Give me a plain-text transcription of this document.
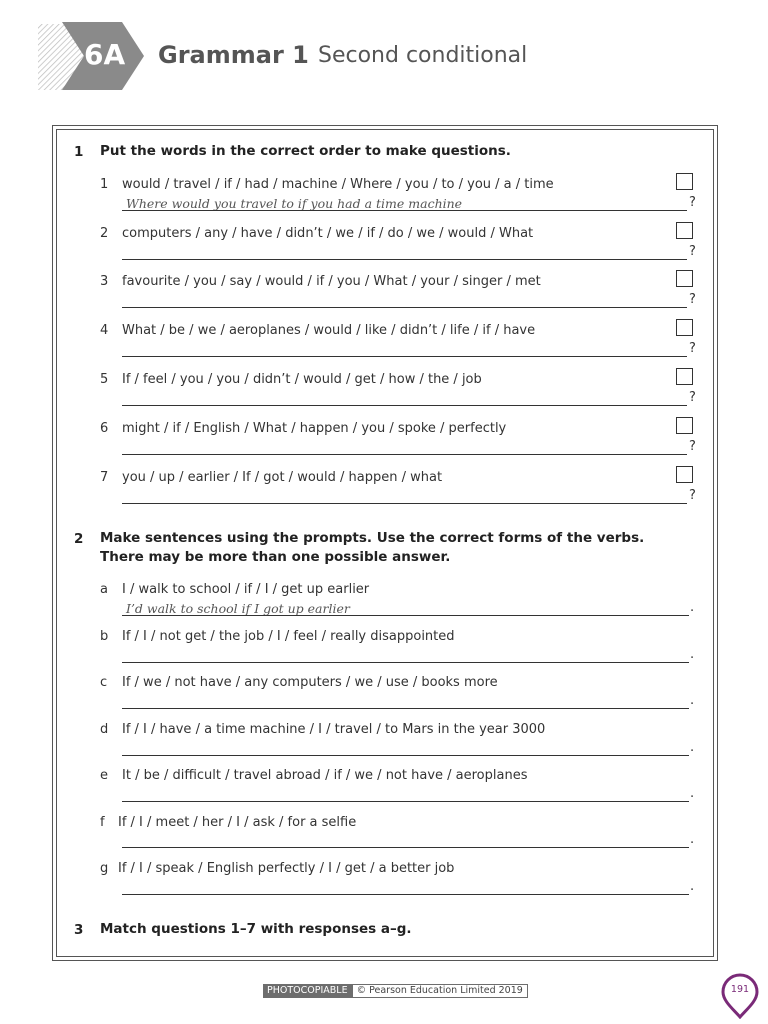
6A Grammar 1 Second conditional
1 Put the words in the correct order to make questions.
1 would / travel / if / had / machine / Where / you / to / you / a / time
Where would you travel to if you had a time machine	?
2 computers / any / have / didn’t / we / if / do / we / would / What
?
3 favourite / you / say / would / if / you / What / your / singer / met
?
4 What / be / we / aeroplanes / would / like / didn’t / life / if / have
?
5 If / feel / you / you / didn’t / would / get / how / the / job
?
6 might / if / English / What / happen / you / spoke / perfectly
?
7 you / up / earlier / If / got / would / happen / what
?
2 Make sentences using the prompts. Use the correct forms of the verbs.
There may be more than one possible answer.
a I / walk to school / if / I / get up earlier
I’d walk to school if I got up earlier	.
b If / I / not get / the job / I / feel / really disappointed
.
c If / we / not have / any computers / we / use / books more
.
d If / I / have / a time machine / I / travel / to Mars in the year 3000
.
e It / be / difficult / travel abroad / if / we / not have / aeroplanes
.
f If / I / meet / her / I / ask / for a selfie
.
g If / I / speak / English perfectly / I / get / a better job
.
3 Match questions 1–7 with responses a–g.
PHOTOCOPIABLE © Pearson Education Limited 2019	191
